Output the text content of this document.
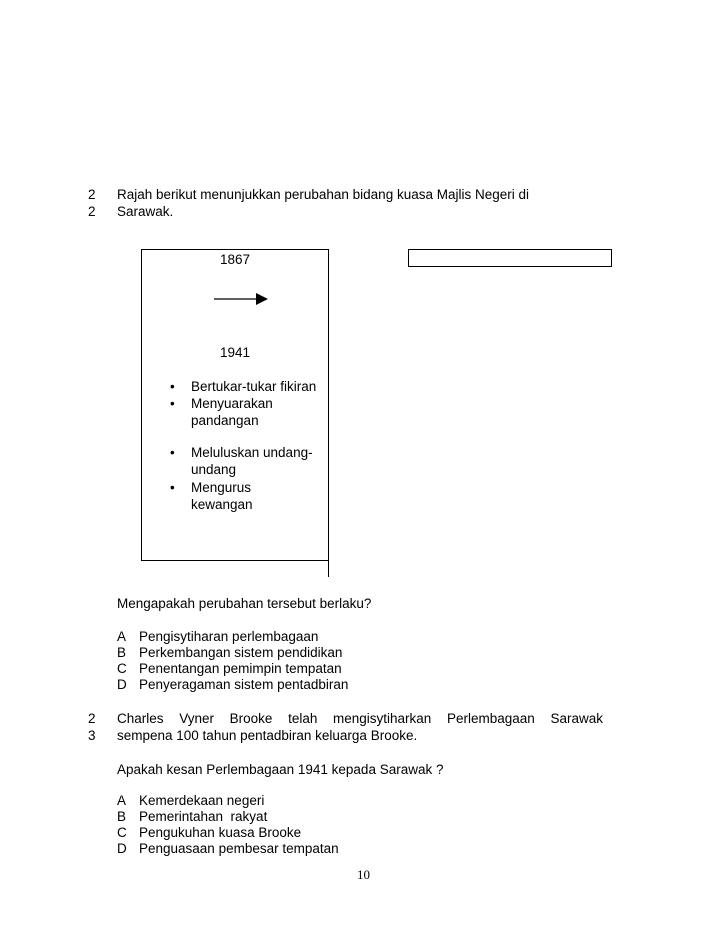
2
2
Rajah berikut menunjukkan perubahan bidang kuasa Majlis Negeri di
Sarawak.
1867
1941
• Bertukar-tukar fikiran
• Menyuarakan
pandangan
• Meluluskan undang-
undang
• Mengurus
kewangan
Mengapakah perubahan tersebut berlaku?
A Pengisytiharan perlembagaan
B Perkembangan sistem pendidikan
C Penentangan pemimpin tempatan
D Penyeragaman sistem pentadbiran
2
3
Charles Vyner Brooke telah mengisytiharkan Perlembagaan Sarawak
sempena 100 tahun pentadbiran keluarga Brooke.
Apakah kesan Perlembagaan 1941 kepada Sarawak ?
A Kemerdekaan negeri
B Pemerintahan  rakyat
C Pengukuhan kuasa Brooke
D Penguasaan pembesar tempatan
10
